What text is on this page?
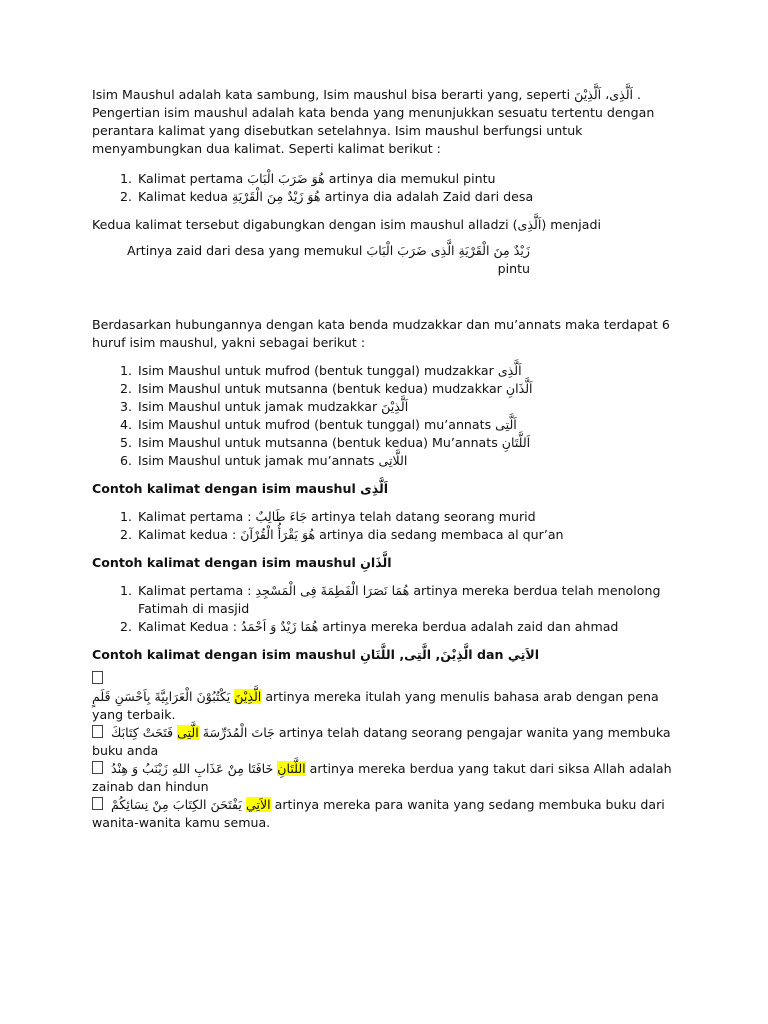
Isim Maushul adalah kata sambung, Isim maushul bisa berarti yang, seperti اَلَّذِى، اَلَّذِيْنَ . Pengertian isim maushul adalah kata benda yang menunjukkan sesuatu tertentu dengan perantara kalimat yang disebutkan setelahnya. Isim maushul berfungsi untuk menyambungkan dua kalimat. Seperti kalimat berikut :

1. Kalimat pertama هُوَ ضَرَبَ الْبَابَ artinya dia memukul pintu
2. Kalimat kedua هُوَ زَيْدٌ مِنَ الْقَرْيَةِ artinya dia adalah Zaid dari desa

Kedua kalimat tersebut digabungkan dengan isim maushul alladzi (اَلَّذِى) menjadi

زَيْدٌ مِنَ الْقَرْيَةِ الَّذِى ضَرَبَ الْبَابَ Artinya zaid dari desa yang memukul pintu

Berdasarkan hubungannya dengan kata benda mudzakkar dan mu’annats maka terdapat 6 huruf isim maushul, yakni sebagai berikut :

1. Isim Maushul untuk mufrod (bentuk tunggal) mudzakkar اَلَّذِى
2. Isim Maushul untuk mutsanna (bentuk kedua) mudzakkar اَلَّذَانِ
3. Isim Maushul untuk jamak mudzakkar اَلَّذِيْنَ
4. Isim Maushul untuk mufrod (bentuk tunggal) mu’annats اَلَّتِى
5. Isim Maushul untuk mutsanna (bentuk kedua) Mu’annats اَللَّتَانِ
6. Isim Maushul untuk jamak mu’annats اللَّاتِى

Contoh kalimat dengan isim maushul اَلَّذِى

1. Kalimat pertama : جَاءَ طَالِبٌ artinya telah datang seorang murid
2. Kalimat kedua : هُوَ يَقْرَأُ الْقُرْآنَ artinya dia sedang membaca al qur’an

Contoh kalimat dengan isim maushul الَّذَانِ

1. Kalimat pertama : هُمَا نَصَرَا الْفَطِمَةَ فِى الْمَسْجِدِ artinya mereka berdua telah menolong Fatimah di masjid
2. Kalimat Kedua : هُمَا زَيْدٌ وَ اَحْمَدُ artinya mereka berdua adalah zaid dan ahmad

Contoh kalimat dengan isim maushul الَّذِيْنَ, الَّتِى, اللَّتَانِ dan الاَتِي

الَّذِيْنَ يَكْتُبُوْنَ الْعَرَابِيَّةَ بِاَحْسَنِ قَلَمٍ artinya mereka itulah yang menulis bahasa arab dengan pena yang terbaik.

جَاتَ الْمُدَرِّسَةَ الَّتِى فَتَحَتْ كِتَابَكَ	artinya telah datang seorang pengajar wanita yang membuka buku anda

اللَّتَانِ خَافَتَا مِنْ عَذَابِ اللهِ زَيْنَبُ وَ هِنْدُ artinya mereka berdua yang takut dari siksa Allah adalah zainab dan hindun

الاَتِي يَفْتَحَنَ الكِتَابَ مِنْ نِسَائِكُمْ artinya mereka para wanita yang sedang membuka buku dari wanita-wanita kamu semua.
